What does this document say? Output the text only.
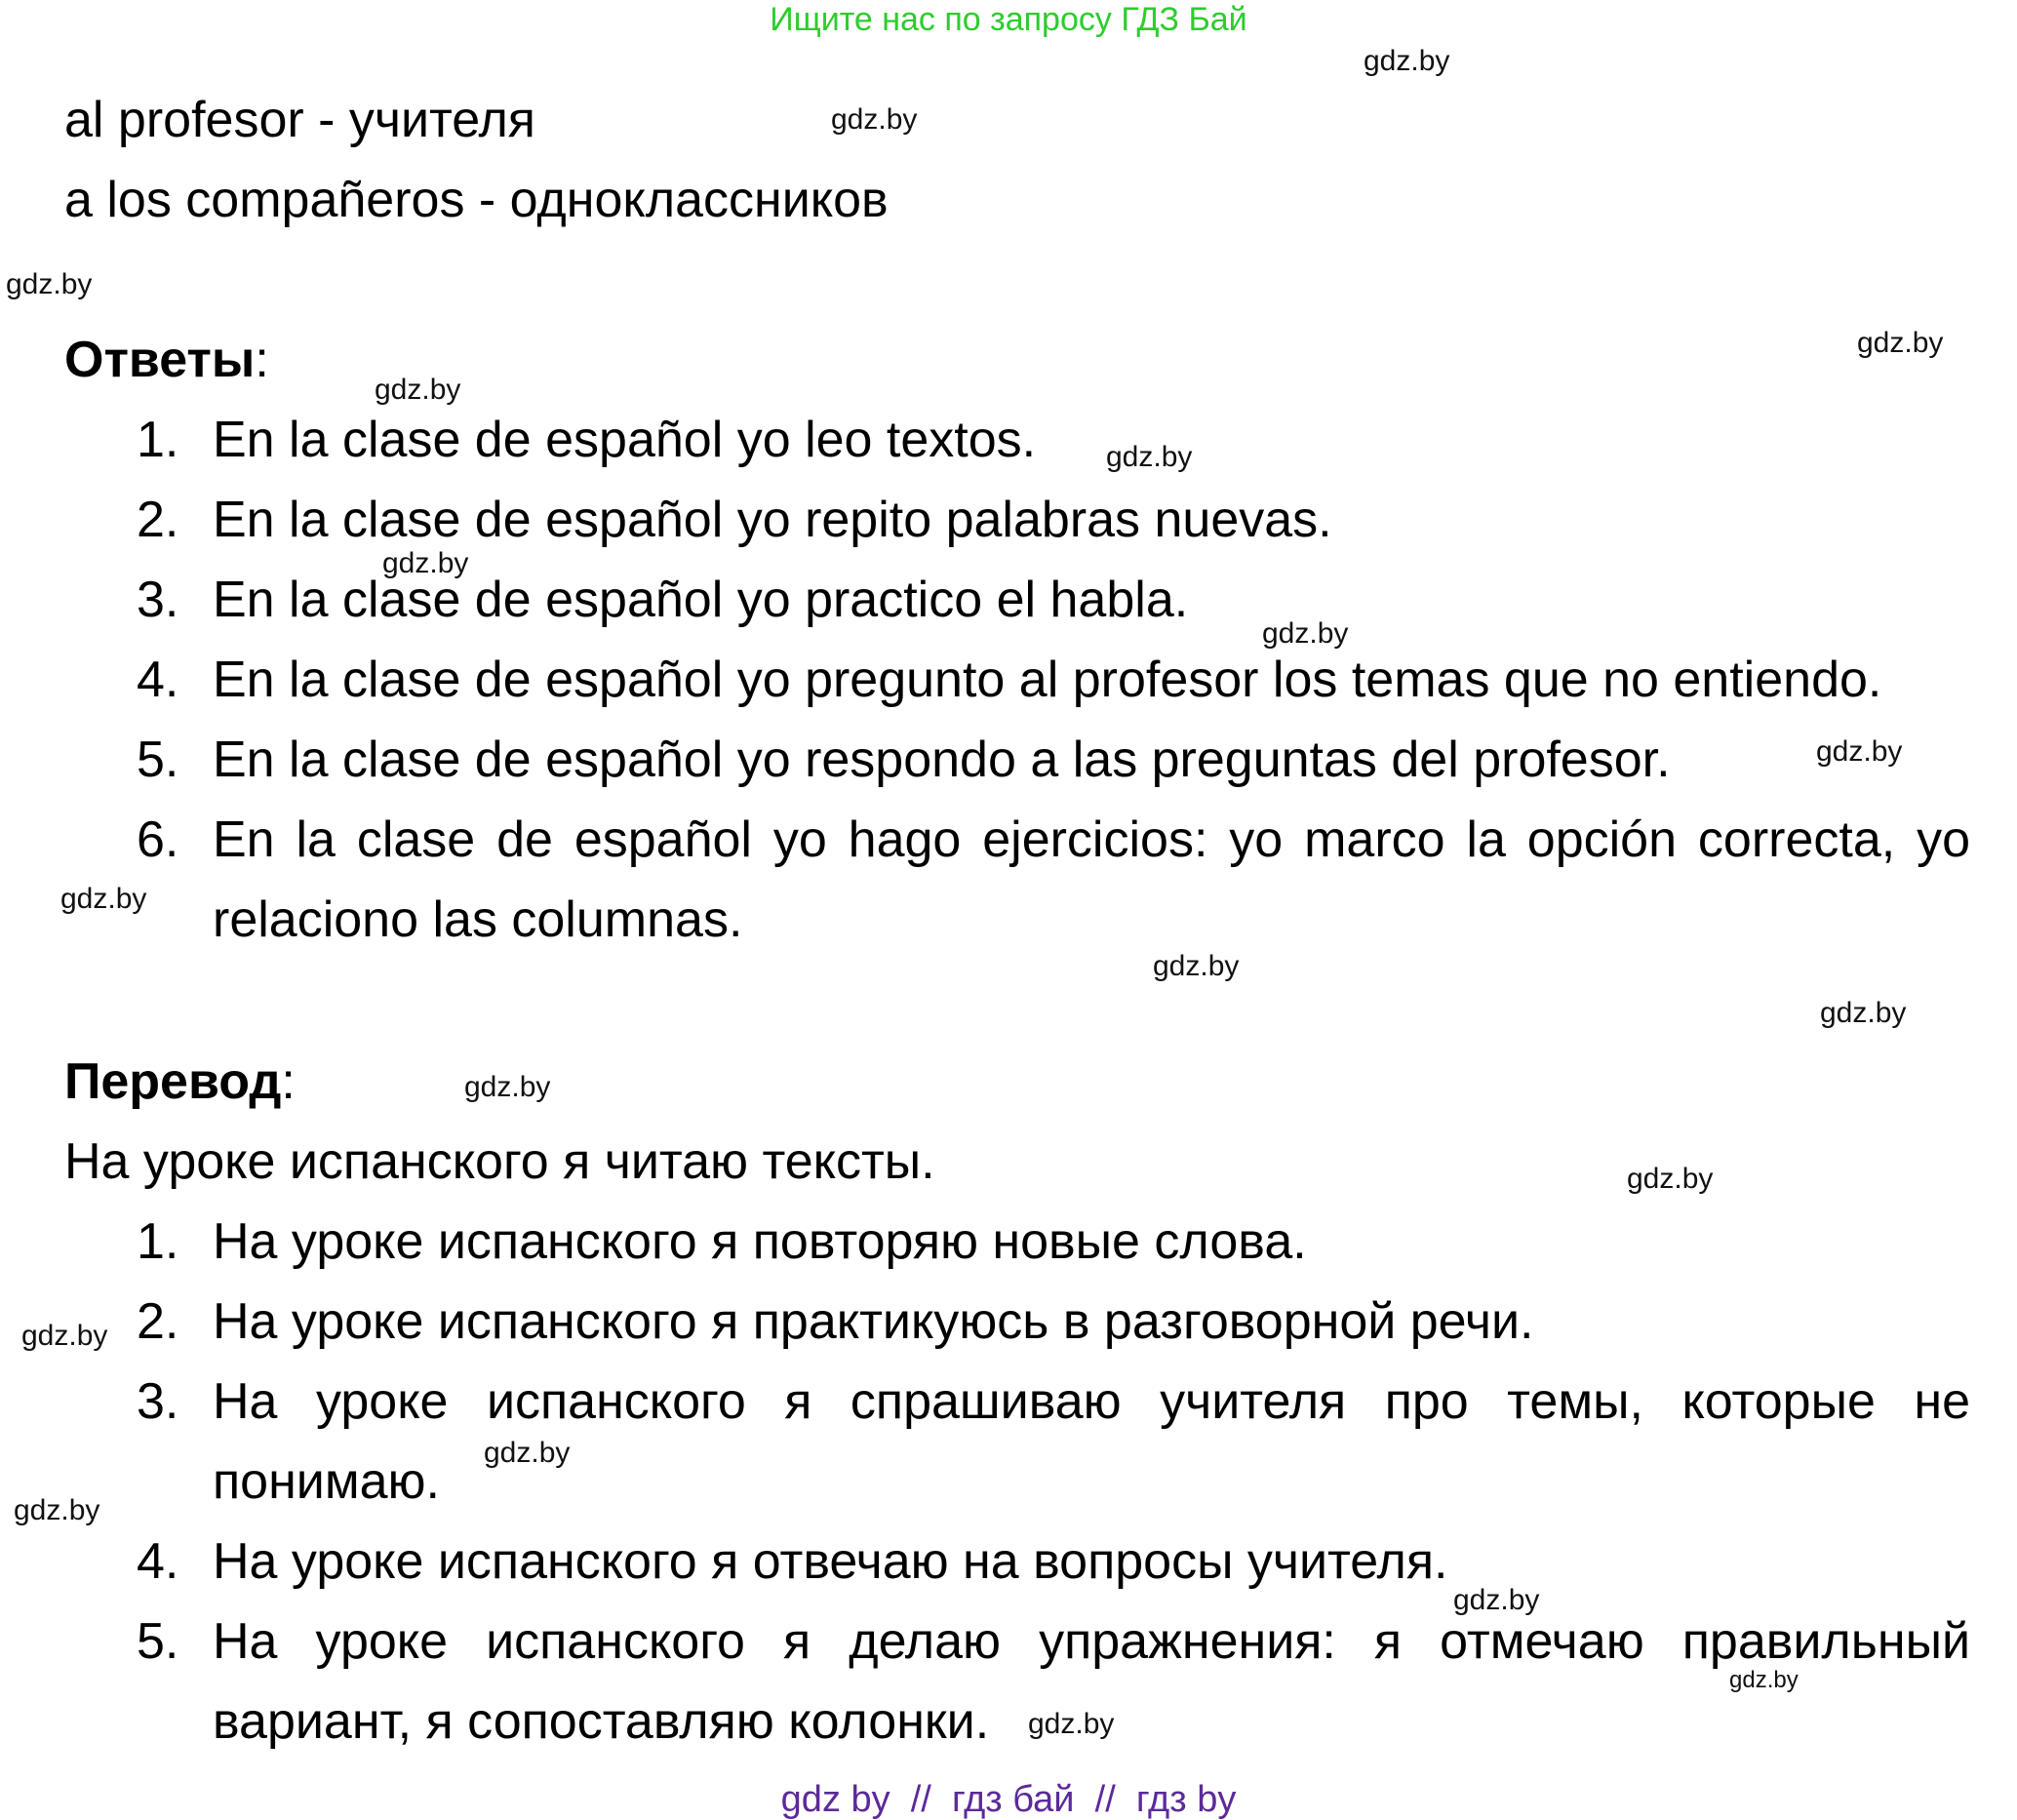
Ищите нас по запросу ГДЗ Бай
al profesor - учителя
a los compañeros - одноклассников
Ответы:
1. En la clase de español yo leo textos.
2. En la clase de español yo repito palabras nuevas.
3. En la clase de español yo practico el habla.
4. En la clase de español yo pregunto al profesor los temas que no entiendo.
5. En la clase de español yo respondo a las preguntas del profesor.
6. En la clase de español yo hago ejercicios: yo marco la opción correcta, yo relaciono las columnas.
Перевод:
На уроке испанского я читаю тексты.
1. На уроке испанского я повторяю новые слова.
2. На уроке испанского я практикуюсь в разговорной речи.
3. На уроке испанского я спрашиваю учителя про темы, которые не понимаю.
4. На уроке испанского я отвечаю на вопросы учителя.
5. На уроке испанского я делаю упражнения: я отмечаю правильный вариант, я сопоставляю колонки.
gdz.by
gdz.by
gdz.by
gdz.by
gdz.by
gdz.by
gdz.by
gdz.by
gdz.by
gdz.by
gdz.by
gdz.by
gdz.by
gdz.by
gdz.by
gdz.by
gdz.by
gdz.by
gdz.by
gdz.by
gdz by  //  гдз бай  //  гдз by
